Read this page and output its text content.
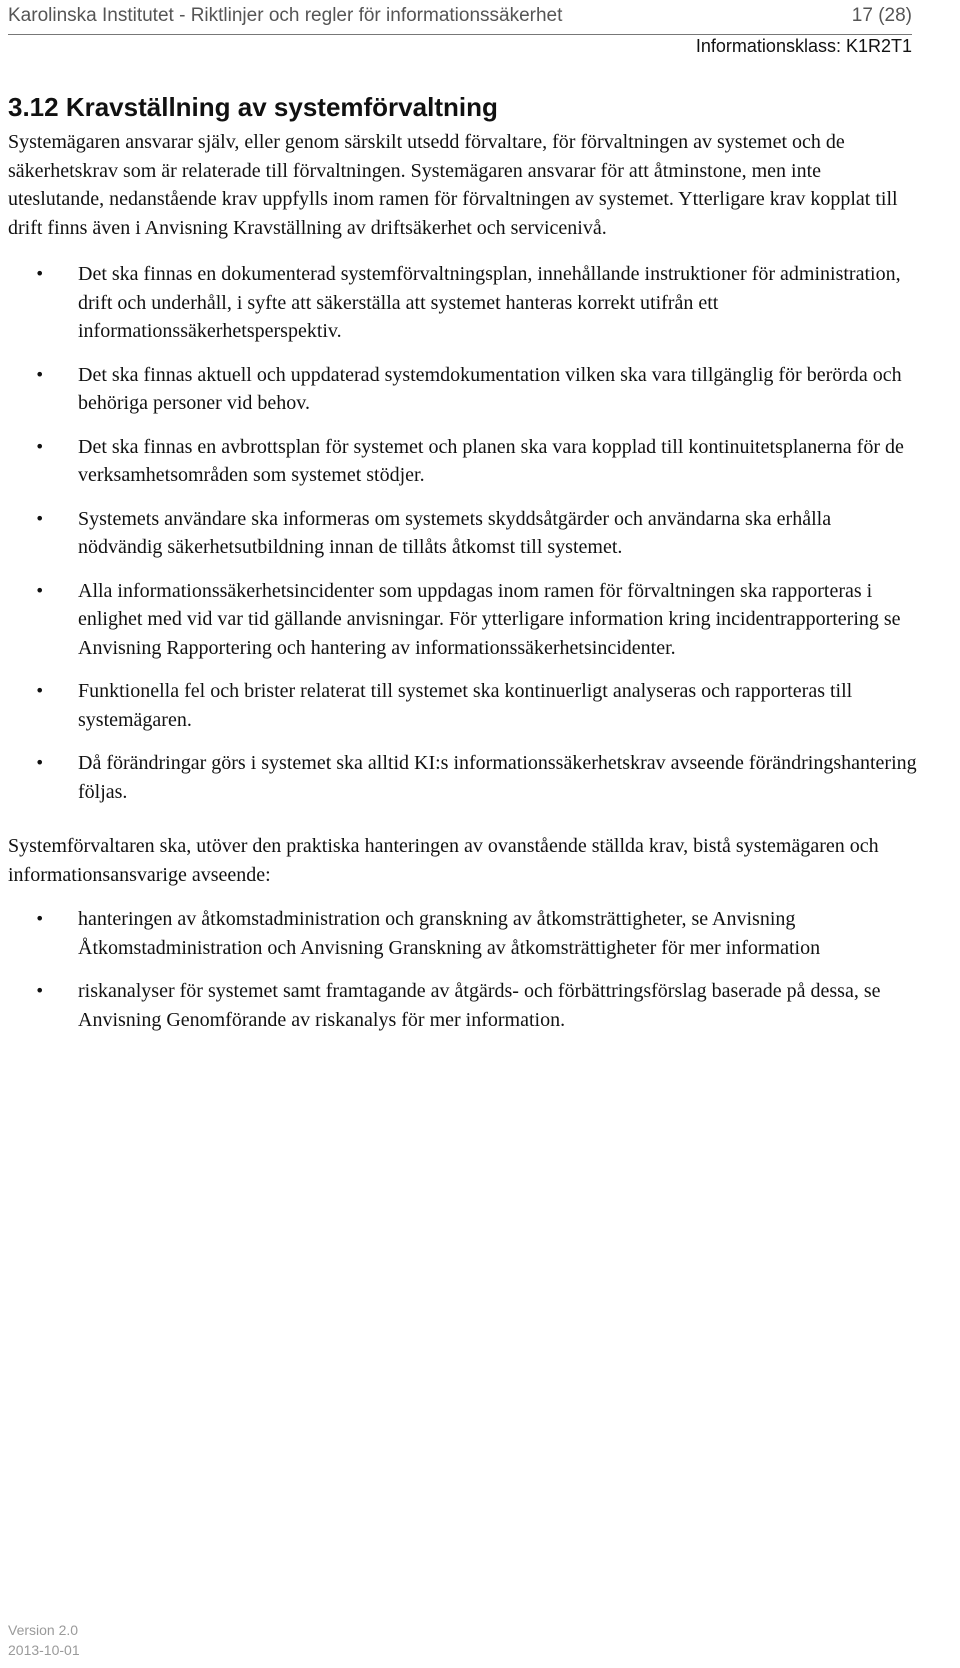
Karolinska Institutet - Riktlinjer och regler för informationssäkerhet	17 (28)
Informationsklass: K1R2T1
3.12 Kravställning av systemförvaltning

Systemägaren ansvarar själv, eller genom särskilt utsedd förvaltare, för förvaltningen av systemet och de säkerhetskrav som är relaterade till förvaltningen. Systemägaren ansvarar för att åtminstone, men inte uteslutande, nedanstående krav uppfylls inom ramen för förvaltningen av systemet. Ytterligare krav kopplat till drift finns även i Anvisning Kravställning av driftsäkerhet och servicenivå.

• Det ska finnas en dokumenterad systemförvaltningsplan, innehållande instruktioner för administration, drift och underhåll, i syfte att säkerställa att systemet hanteras korrekt utifrån ett informationssäkerhetsperspektiv.
• Det ska finnas aktuell och uppdaterad systemdokumentation vilken ska vara tillgänglig för berörda och behöriga personer vid behov.
• Det ska finnas en avbrottsplan för systemet och planen ska vara kopplad till kontinuitetsplanerna för de verksamhetsområden som systemet stödjer.
• Systemets användare ska informeras om systemets skyddsåtgärder och användarna ska erhålla nödvändig säkerhetsutbildning innan de tillåts åtkomst till systemet.
• Alla informationssäkerhetsincidenter som uppdagas inom ramen för förvaltningen ska rapporteras i enlighet med vid var tid gällande anvisningar. För ytterligare information kring incidentrapportering se Anvisning Rapportering och hantering av informationssäkerhetsincidenter.
• Funktionella fel och brister relaterat till systemet ska kontinuerligt analyseras och rapporteras till systemägaren.
• Då förändringar görs i systemet ska alltid KI:s informationssäkerhetskrav avseende förändringshantering följas.

Systemförvaltaren ska, utöver den praktiska hanteringen av ovanstående ställda krav, bistå systemägaren och informationsansvarige avseende:

• hanteringen av åtkomstadministration och granskning av åtkomsträttigheter, se Anvisning Åtkomstadministration och Anvisning Granskning av åtkomsträttigheter för mer information
• riskanalyser för systemet samt framtagande av åtgärds- och förbättringsförslag baserade på dessa, se Anvisning Genomförande av riskanalys för mer information.
Version 2.0
2013-10-01
